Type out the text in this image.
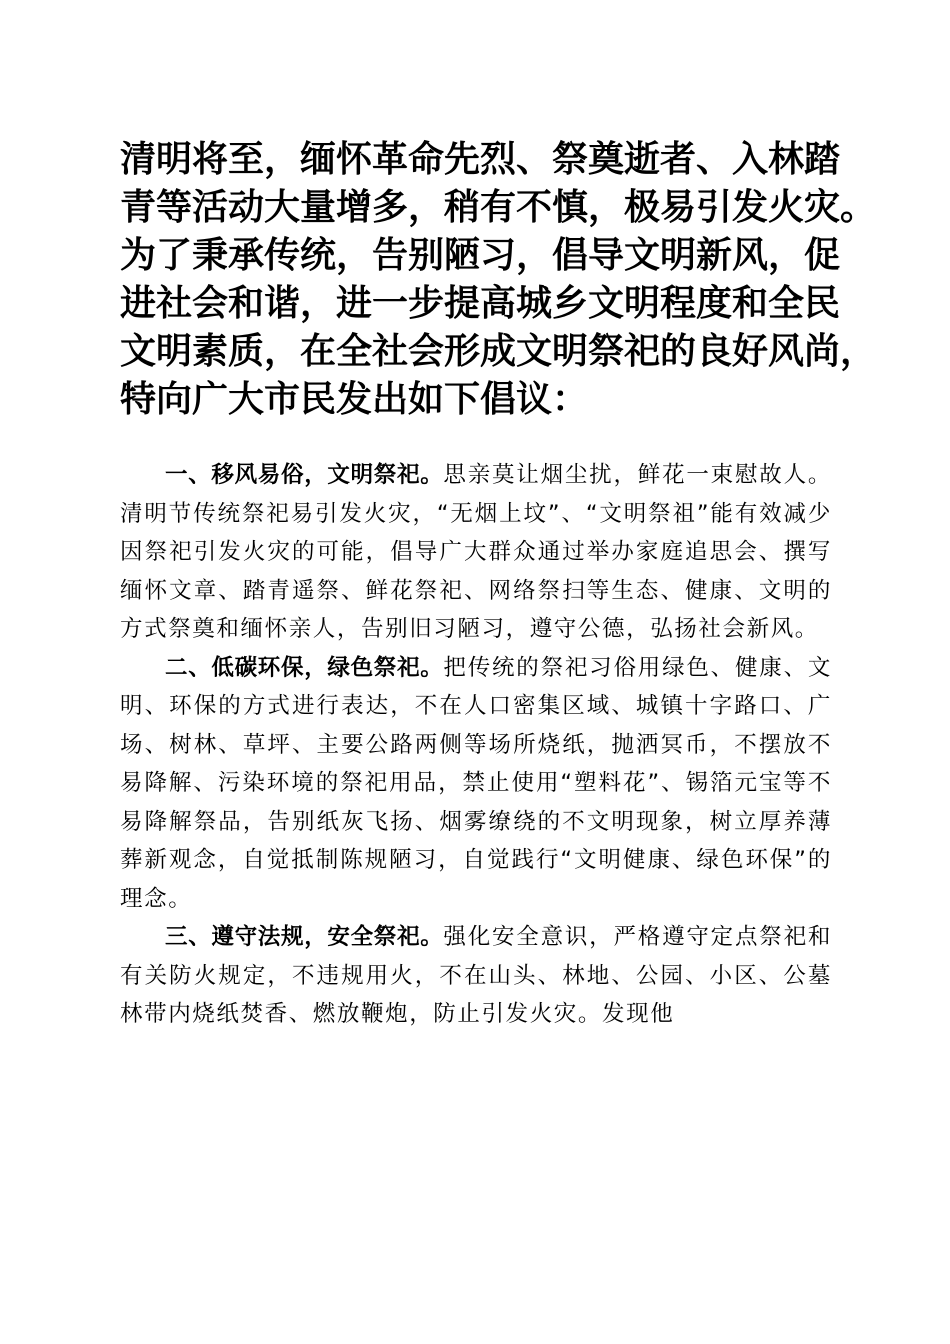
清明将至，缅怀革命先烈、祭奠逝者、入林踏
青等活动大量增多，稍有不慎，极易引发火灾。
为了秉承传统，告别陋习，倡导文明新风，促
进社会和谐，进一步提高城乡文明程度和全民
文明素质，在全社会形成文明祭祀的良好风尚，
特向广大市民发出如下倡议：

一、移风易俗，文明祭祀。思亲莫让烟尘扰，鲜花一束慰故人。清明节传统祭祀易引发火灾，“无烟上坟”、“文明祭祖”能有效减少因祭祀引发火灾的可能，倡导广大群众通过举办家庭追思会、撰写缅怀文章、踏青遥祭、鲜花祭祀、网络祭扫等生态、健康、文明的方式祭奠和缅怀亲人，告别旧习陋习，遵守公德，弘扬社会新风。

二、低碳环保，绿色祭祀。把传统的祭祀习俗用绿色、健康、文明、环保的方式进行表达，不在人口密集区域、城镇十字路口、广场、树林、草坪、主要公路两侧等场所烧纸，抛洒冥币，不摆放不易降解、污染环境的祭祀用品，禁止使用“塑料花”、锡箔元宝等不易降解祭品，告别纸灰飞扬、烟雾缭绕的不文明现象，树立厚养薄葬新观念，自觉抵制陈规陋习，自觉践行“文明健康、绿色环保”的理念。

三、遵守法规，安全祭祀。强化安全意识，严格遵守定点祭祀和有关防火规定，不违规用火，不在山头、林地、公园、小区、公墓林带内烧纸焚香、燃放鞭炮，防止引发火灾。发现他
